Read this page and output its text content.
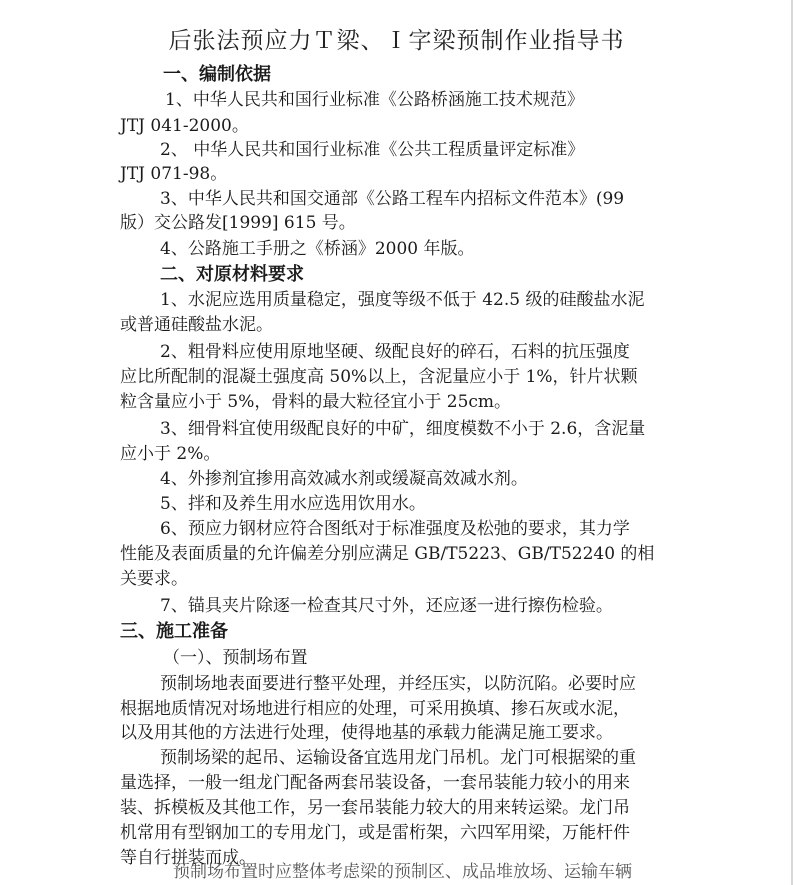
后张法预应力Ｔ梁、Ｉ字梁预制作业指导书
一、编制依据
1、中华人民共和国行业标准《公路桥涵施工技术规范》
JTJ 041-2000。
2、 中华人民共和国行业标准《公共工程质量评定标准》
JTJ 071-98。
3、中华人民共和国交通部《公路工程车内招标文件范本》(99
版）交公路发[1999] 615 号。
4、公路施工手册之《桥涵》2000 年版。
二、对原材料要求
1、水泥应选用质量稳定，强度等级不低于 42.5 级的硅酸盐水泥
或普通硅酸盐水泥。
2、粗骨料应使用原地坚硬、级配良好的碎石，石料的抗压强度
应比所配制的混凝土强度高 50%以上，含泥量应小于 1%，针片状颗
粒含量应小于 5%，骨料的最大粒径宜小于 25cm。
3、细骨料宜使用级配良好的中矿，细度模数不小于 2.6，含泥量
应小于 2%。
4、外掺剂宜掺用高效减水剂或缓凝高效减水剂。
5、拌和及养生用水应选用饮用水。
6、预应力钢材应符合图纸对于标准强度及松弛的要求，其力学
性能及表面质量的允许偏差分别应满足 GB/T5223、GB/T52240 的相
关要求。
7、锚具夹片除逐一检查其尺寸外，还应逐一进行擦伤检验。
三、施工准备
（一）、预制场布置
预制场地表面要进行整平处理，并经压实，以防沉陷。必要时应
根据地质情况对场地进行相应的处理，可采用换填、掺石灰或水泥，
以及用其他的方法进行处理，使得地基的承载力能满足施工要求。
预制场梁的起吊、运输设备宜选用龙门吊机。龙门可根据梁的重
量选择，一般一组龙门配备两套吊装设备，一套吊装能力较小的用来
装、拆模板及其他工作，另一套吊装能力较大的用来转运梁。龙门吊
机常用有型钢加工的专用龙门，或是雷桁架，六四军用梁，万能杆件
等自行拼装而成。
预制场布置时应整体考虑梁的预制区、成品堆放场、运输车辆
